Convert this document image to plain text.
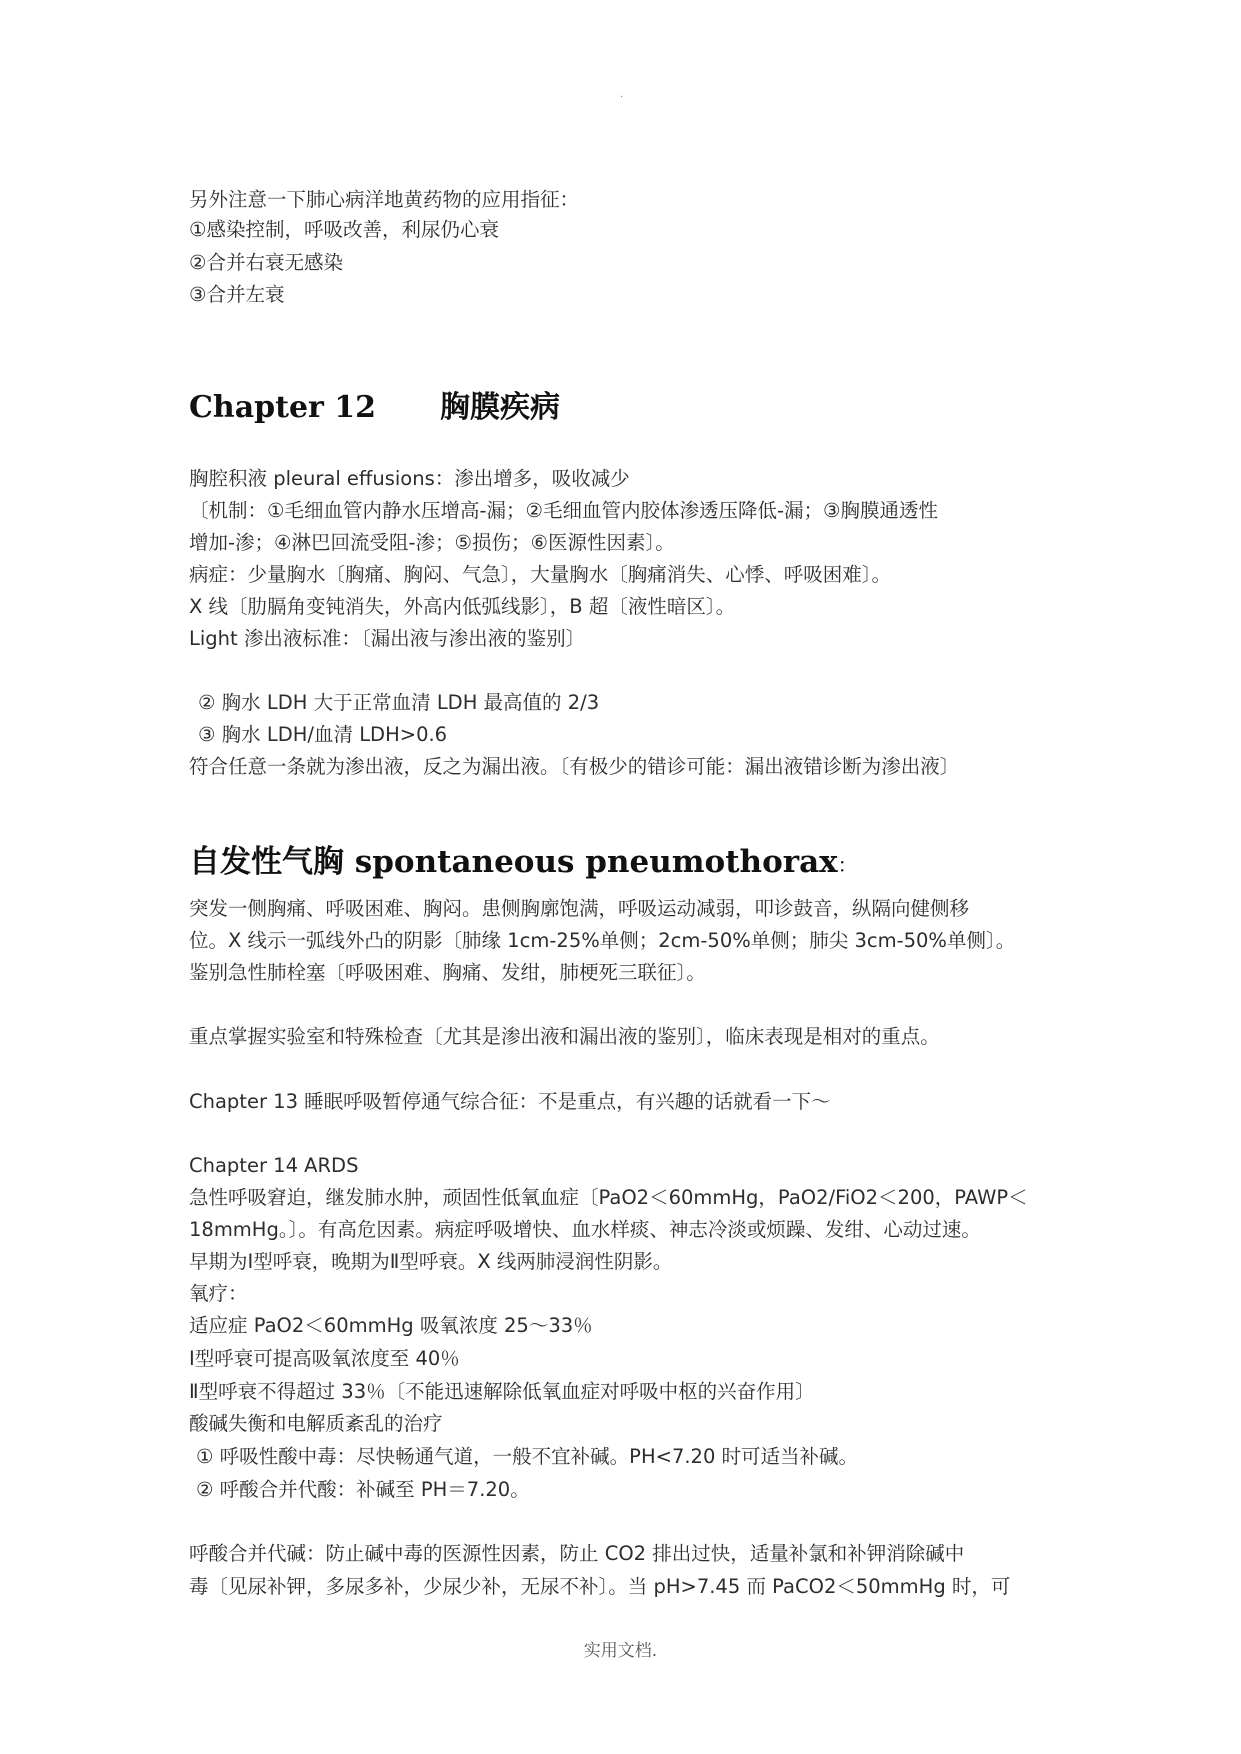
·
另外注意一下肺心病洋地黄药物的应用指征：
①感染控制，呼吸改善，利尿仍心衰
②合并右衰无感染
③合并左衰
Chapter 12 胸膜疾病
胸腔积液 pleural effusions：渗出增多，吸收减少
〔机制：①毛细血管内静水压增高-漏；②毛细血管内胶体渗透压降低-漏；③胸膜通透性
增加-渗；④淋巴回流受阻-渗；⑤损伤；⑥医源性因素〕。
病症：少量胸水〔胸痛、胸闷、气急〕，大量胸水〔胸痛消失、心悸、呼吸困难〕。
X 线〔肋膈角变钝消失，外高内低弧线影〕，B 超〔液性暗区〕。
Light 渗出液标准：〔漏出液与渗出液的鉴别〕
② 胸水 LDH 大于正常血清 LDH 最高值的 2/3
③ 胸水 LDH/血清 LDH>0.6
符合任意一条就为渗出液，反之为漏出液。〔有极少的错诊可能：漏出液错诊断为渗出液〕
自发性气胸 spontaneous pneumothorax：
突发一侧胸痛、呼吸困难、胸闷。患侧胸廓饱满，呼吸运动减弱，叩诊鼓音，纵隔向健侧移
位。X 线示一弧线外凸的阴影〔肺缘 1cm-25%单侧；2cm-50%单侧；肺尖 3cm-50%单侧〕。
鉴别急性肺栓塞〔呼吸困难、胸痛、发绀，肺梗死三联征〕。
重点掌握实验室和特殊检查〔尤其是渗出液和漏出液的鉴别〕，临床表现是相对的重点。
Chapter 13 睡眠呼吸暂停通气综合征：不是重点，有兴趣的话就看一下～
Chapter 14 ARDS
急性呼吸窘迫，继发肺水肿，顽固性低氧血症〔PaO2＜60mmHg，PaO2/FiO2＜200，PAWP＜
18mmHg。〕。有高危因素。病症呼吸增快、血水样痰、神志冷淡或烦躁、发绀、心动过速。
早期为Ⅰ型呼衰，晚期为Ⅱ型呼衰。X 线两肺浸润性阴影。
氧疗：
适应症 PaO2＜60mmHg 吸氧浓度 25～33％
Ⅰ型呼衰可提高吸氧浓度至 40％
Ⅱ型呼衰不得超过 33％〔不能迅速解除低氧血症对呼吸中枢的兴奋作用〕
酸碱失衡和电解质紊乱的治疗
① 呼吸性酸中毒：尽快畅通气道，一般不宜补碱。PH<7.20 时可适当补碱。
② 呼酸合并代酸：补碱至 PH＝7.20。
呼酸合并代碱：防止碱中毒的医源性因素，防止 CO2 排出过快，适量补氯和补钾消除碱中
毒〔见尿补钾，多尿多补，少尿少补，无尿不补〕。当 pH>7.45 而 PaCO2＜50mmHg 时，可
实用文档.
